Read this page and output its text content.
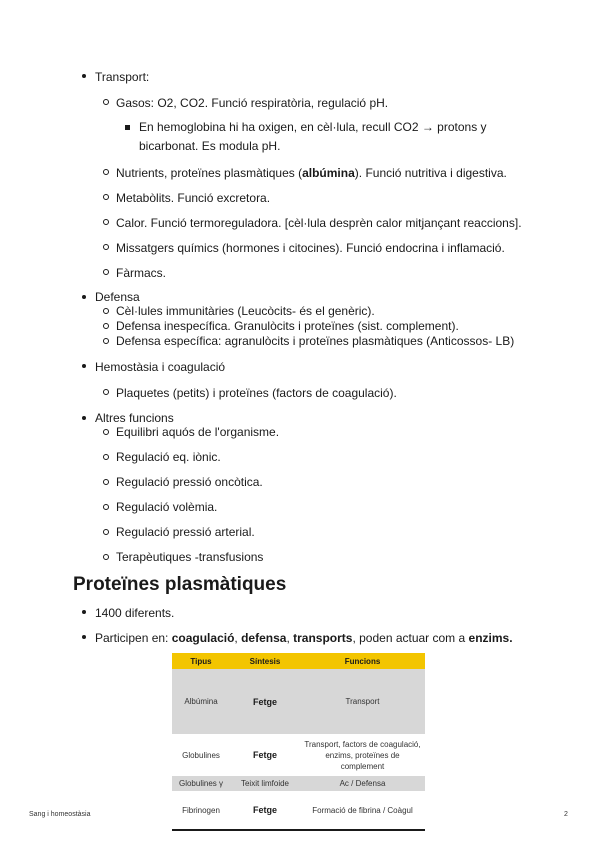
Transport:
Gasos: O2, CO2. Funció respiratòria, regulació pH.
En hemoglobina hi ha oxigen, en cèl·lula, recull CO2 → protons y
bicarbonat. Es modula pH.
Nutrients, proteïnes plasmàtiques (albúmina). Funció nutritiva i digestiva.
Metabòlits. Funció excretora.
Calor. Funció termoreguladora. [cèl·lula desprèn calor mitjançant reaccions].
Missatgers químics (hormones i citocines). Funció endocrina i inflamació.
Fàrmacs.
Defensa
Cèl·lules immunitàries (Leucòcits- és el genèric).
Defensa inespecífica. Granulòcits i proteïnes (sist. complement).
Defensa específica: agranulòcits i proteïnes plasmàtiques (Anticossos- LB)
Hemostàsia i coagulació
Plaquetes (petits) i proteïnes (factors de coagulació).
Altres funcions
Equilibri aquós de l'organisme.
Regulació eq. iònic.
Regulació pressió oncòtica.
Regulació volèmia.
Regulació pressió arterial.
Terapèutiques -transfusions
Proteïnes plasmàtiques
1400 diferents.
Participen en: coagulació, defensa, transports, poden actuar com a enzims.
Tipus	Síntesis	Funcions
Albúmina	Fetge	Transport
Globulines	Fetge	Transport, factors de coagulació, enzims, proteïnes de complement
Globulines γ	Teixit limfoide	Ac / Defensa
Fibrinogen	Fetge	Formació de fibrina / Coàgul
Sang i homeostàsia	2
